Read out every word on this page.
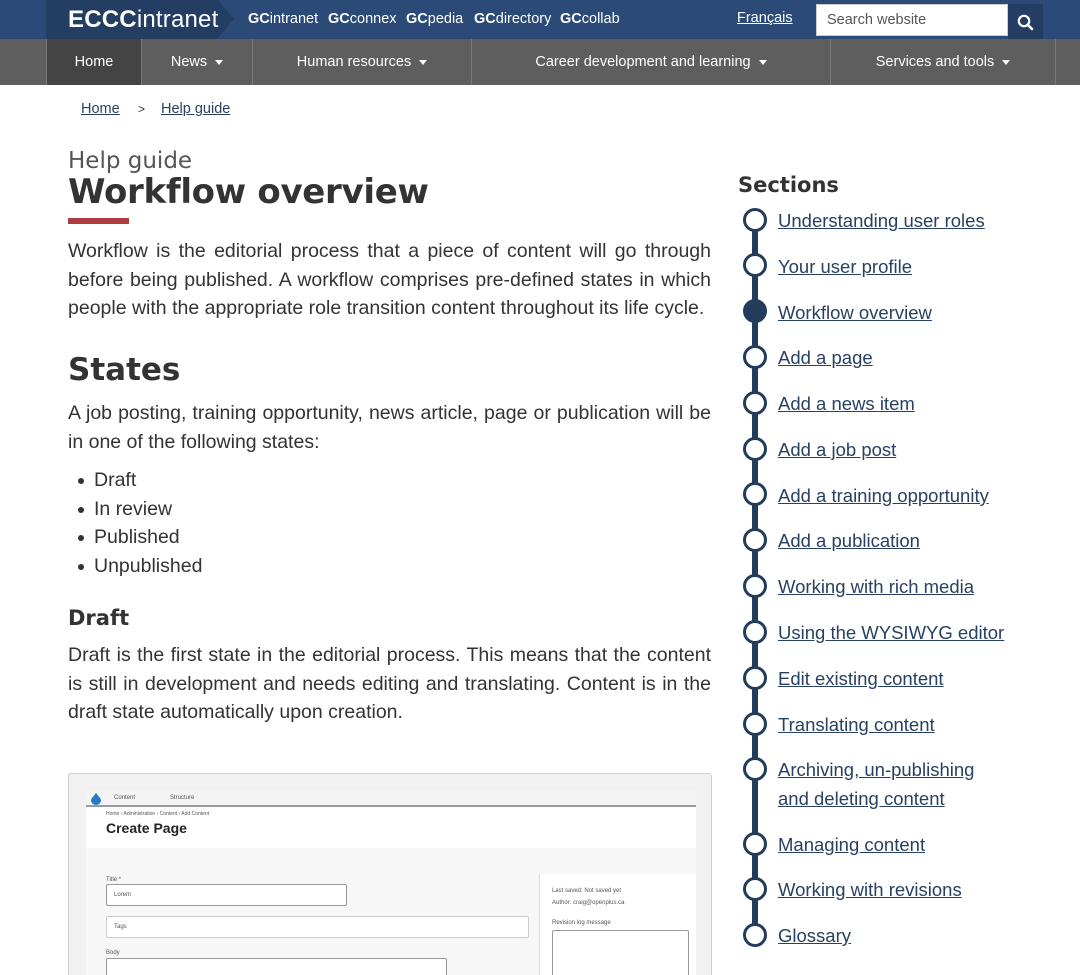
ECCCintranet GCintranet GCconnex GCpedia GCdirectory GCcollab	Français
Search website
Home	News	Human resources	Career development and learning	Services and tools
Home > Help guide
Help guide
Workflow overview

Workflow is the editorial process that a piece of content will go through before being published. A workflow comprises pre-defined states in which people with the appropriate role transition content throughout its life cycle.

States

A job posting, training opportunity, news article, page or publication will be in one of the following states:

Draft
In review
Published
Unpublished
Draft

Draft is the first state in the editorial process. This means that the content is still in development and needs editing and translating. Content is in the draft state automatically upon creation.

Content	Structure
Home › Administration › Content › Add Content
Create Page
Title *
Lorem
Tags
Body
Last saved: Not saved yet
Author: craig@openplus.ca
Revision log message
Sections
Understanding user roles
Your user profile
Workflow overview
Add a page
Add a news item
Add a job post
Add a training opportunity
Add a publication
Working with rich media
Using the WYSIWYG editor
Edit existing content
Translating content
Archiving, un-publishing and deleting content
Managing content
Working with revisions
Glossary
